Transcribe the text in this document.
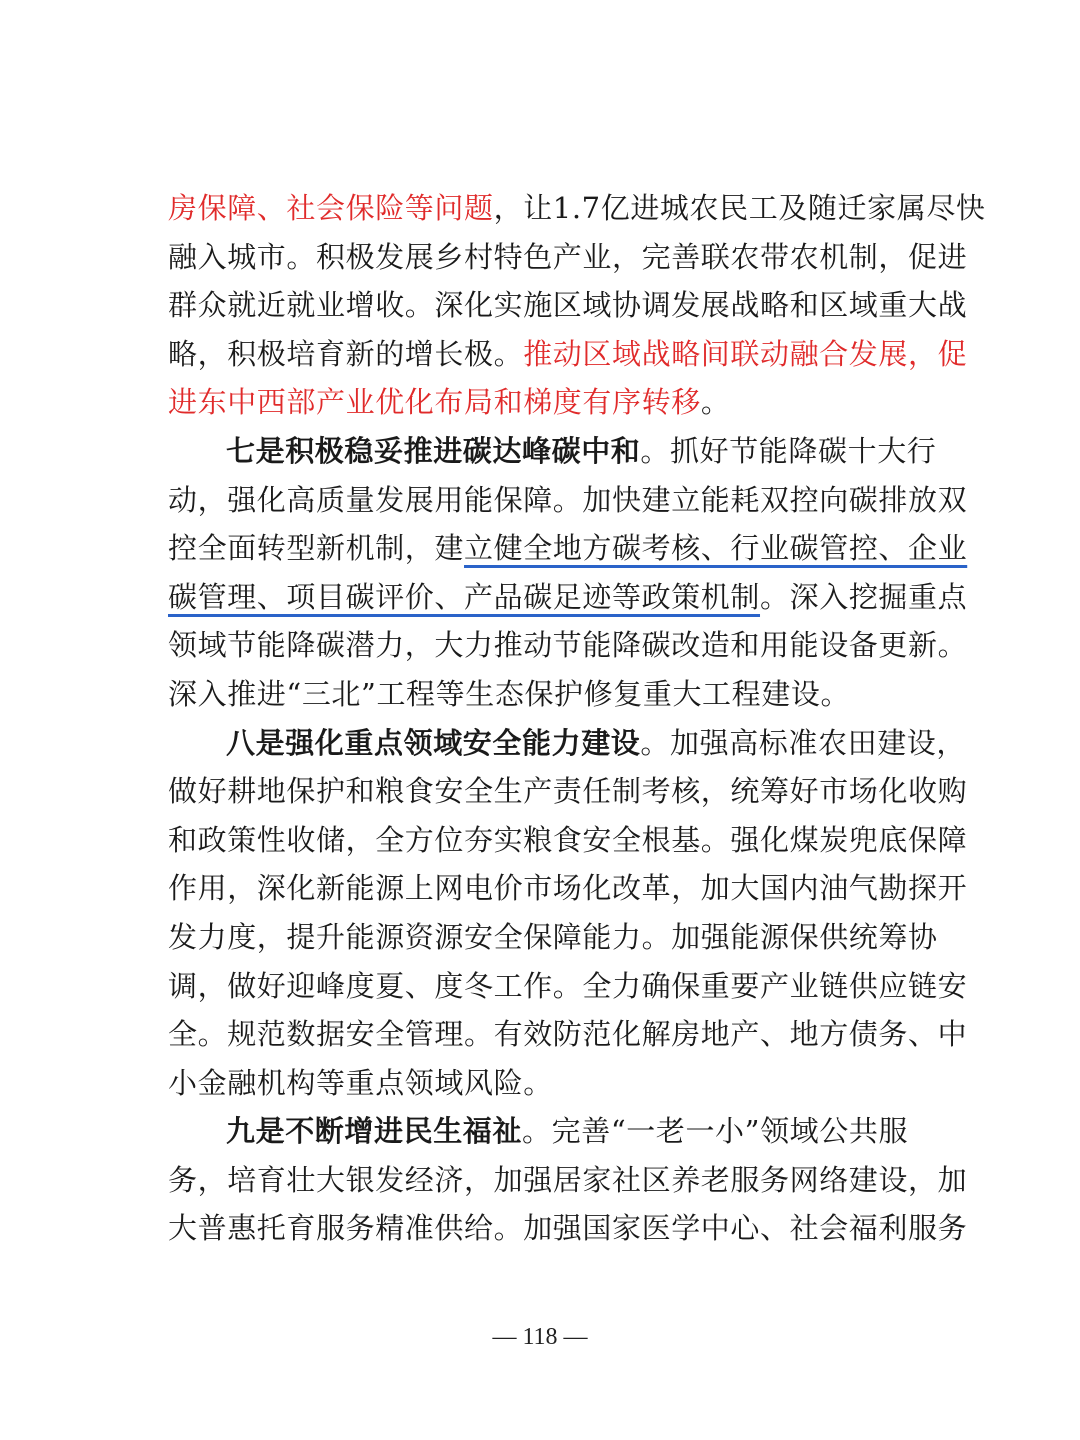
房保障、社会保险等问题，让1.7亿进城农民工及随迁家属尽快
融入城市。积极发展乡村特色产业，完善联农带农机制，促进
群众就近就业增收。深化实施区域协调发展战略和区域重大战
略，积极培育新的增长极。推动区域战略间联动融合发展，促
进东中西部产业优化布局和梯度有序转移。
七是积极稳妥推进碳达峰碳中和。抓好节能降碳十大行
动，强化高质量发展用能保障。加快建立能耗双控向碳排放双
控全面转型新机制，建立健全地方碳考核、行业碳管控、企业
碳管理、项目碳评价、产品碳足迹等政策机制。深入挖掘重点
领域节能降碳潜力，大力推动节能降碳改造和用能设备更新。
深入推进“三北”工程等生态保护修复重大工程建设。
八是强化重点领域安全能力建设。加强高标准农田建设，
做好耕地保护和粮食安全生产责任制考核，统筹好市场化收购
和政策性收储，全方位夯实粮食安全根基。强化煤炭兜底保障
作用，深化新能源上网电价市场化改革，加大国内油气勘探开
发力度，提升能源资源安全保障能力。加强能源保供统筹协
调，做好迎峰度夏、度冬工作。全力确保重要产业链供应链安
全。规范数据安全管理。有效防范化解房地产、地方债务、中
小金融机构等重点领域风险。
九是不断增进民生福祉。完善“一老一小”领域公共服
务，培育壮大银发经济，加强居家社区养老服务网络建设，加
大普惠托育服务精准供给。加强国家医学中心、社会福利服务
— 118 —
